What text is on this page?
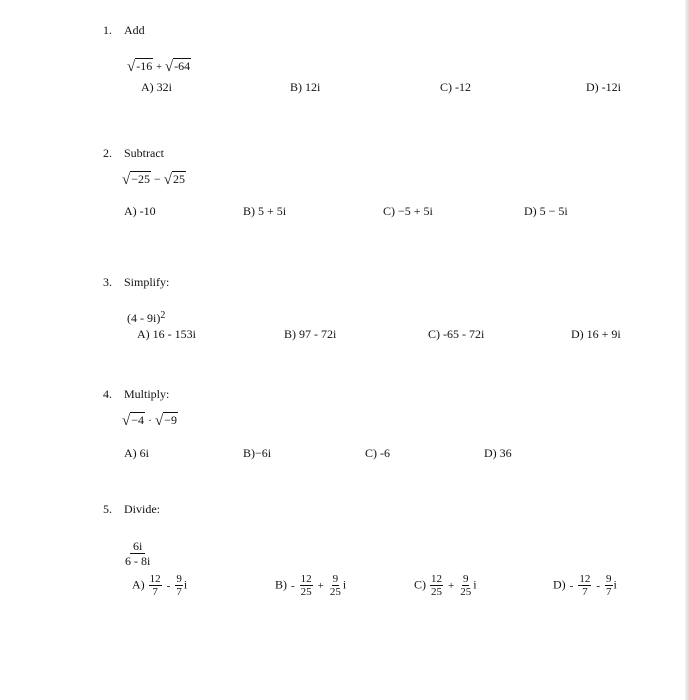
1. Add
√-16 + √-64
A) 32i	B) 12i	C) -12	D) -12i
2. Subtract
√−25 − √25
A) -10	B) 5 + 5i	C) −5 + 5i	D) 5 − 5i
3. Simplify:
(4 - 9i)$^2$
A) 16 - 153i	B) 97 - 72i	C) -65 - 72i	D) 16 + 9i
4. Multiply:
√−4 · √−9
A) 6i	B)−6i	C) -6	D) 36
5. Divide:
$\frac{6i}{6 - 8i}$
$A) \frac{12}{7} - \frac{9}{7}$ i	$B) - \frac{12}{25} + \frac{9}{25}$ i	$C) \frac{12}{25} + \frac{9}{25}$ i	$D) - \frac{12}{7} - \frac{9}{7}$ i
